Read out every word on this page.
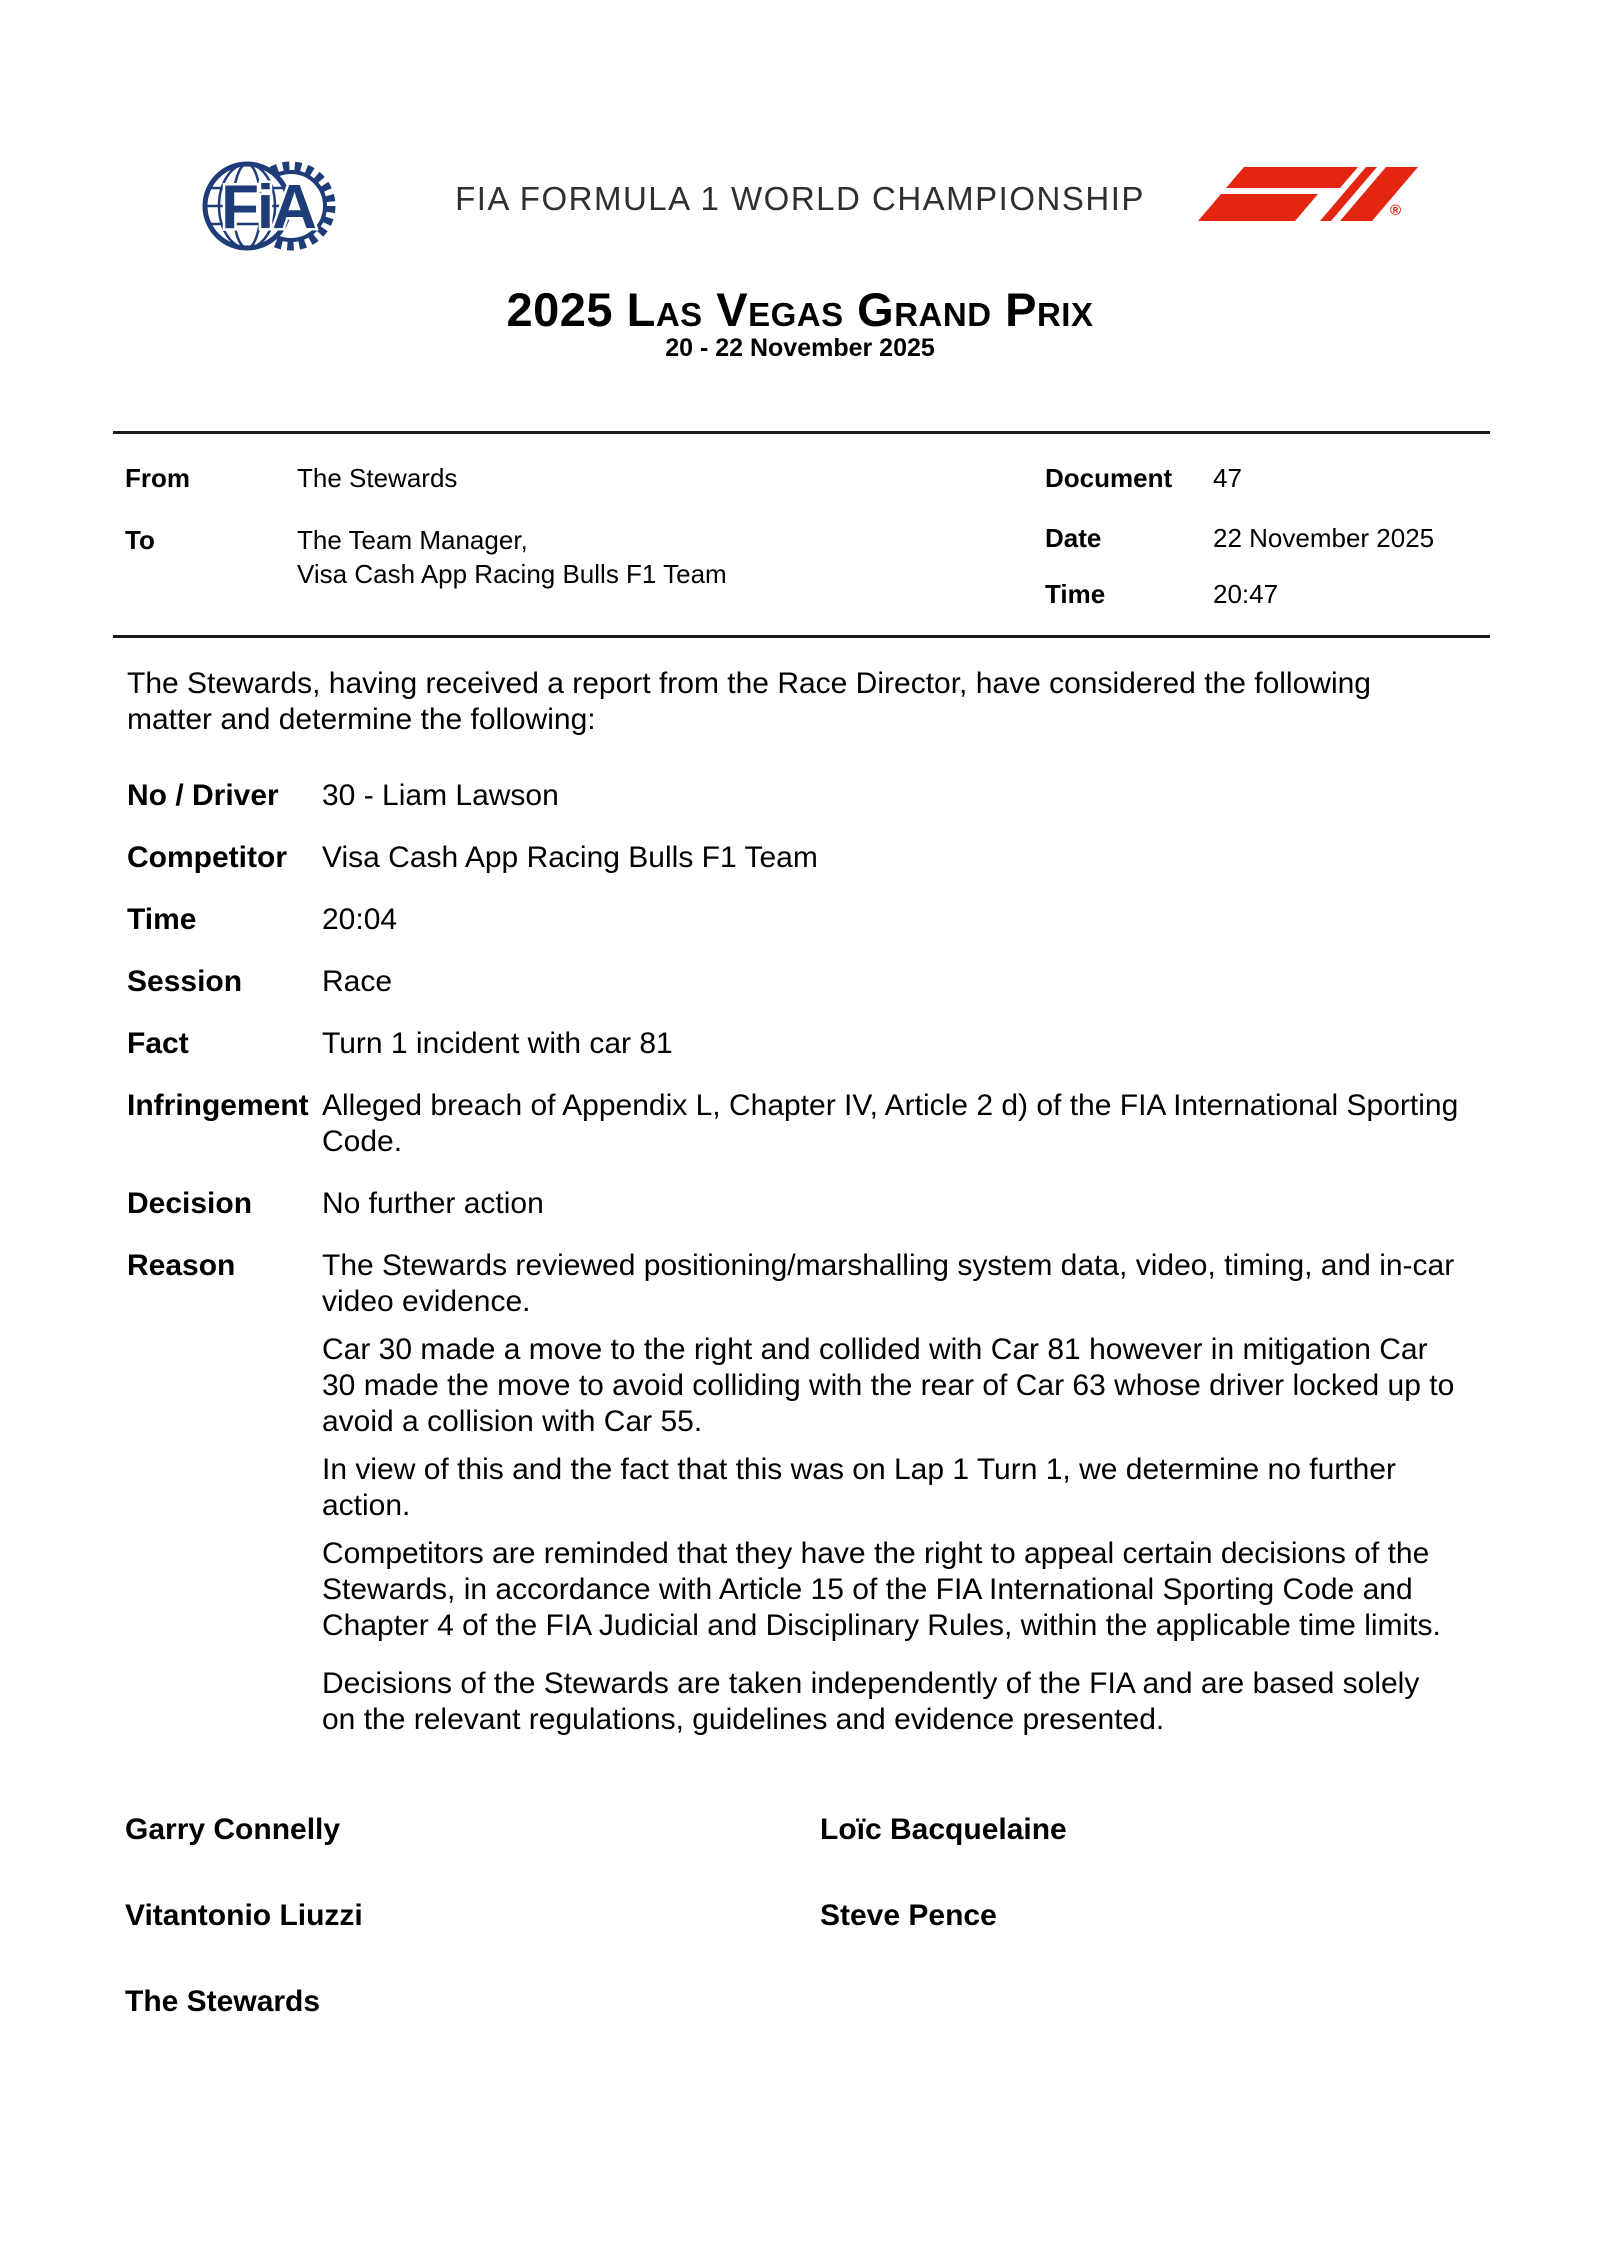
FiA	FIA FORMULA 1 WORLD CHAMPIONSHIP	®
2025 Las Vegas Grand Prix
20 - 22 November 2025
From	The Stewards
To	The Team Manager,
Visa Cash App Racing Bulls F1 Team
Document 47
Date	22 November 2025
Time	20:47

The Stewards, having received a report from the Race Director, have considered the following matter and determine the following:

No / Driver	30 - Liam Lawson
Competitor	Visa Cash App Racing Bulls F1 Team
Time	20:04
Session	Race
Fact	Turn 1 incident with car 81
Infringement Alleged breach of Appendix L, Chapter IV, Article 2 d) of the FIA International Sporting Code.
Decision	No further action
Reason	The Stewards reviewed positioning/marshalling system data, video, timing, and in-car video evidence.

Car 30 made a move to the right and collided with Car 81 however in mitigation Car 30 made the move to avoid colliding with the rear of Car 63 whose driver locked up to avoid a collision with Car 55.

In view of this and the fact that this was on Lap 1 Turn 1, we determine no further action.

Competitors are reminded that they have the right to appeal certain decisions of the Stewards, in accordance with Article 15 of the FIA International Sporting Code and Chapter 4 of the FIA Judicial and Disciplinary Rules, within the applicable time limits.

Decisions of the Stewards are taken independently of the FIA and are based solely on the relevant regulations, guidelines and evidence presented.

Garry Connelly	Loïc Bacquelaine
Vitantonio Liuzzi	Steve Pence
The Stewards
